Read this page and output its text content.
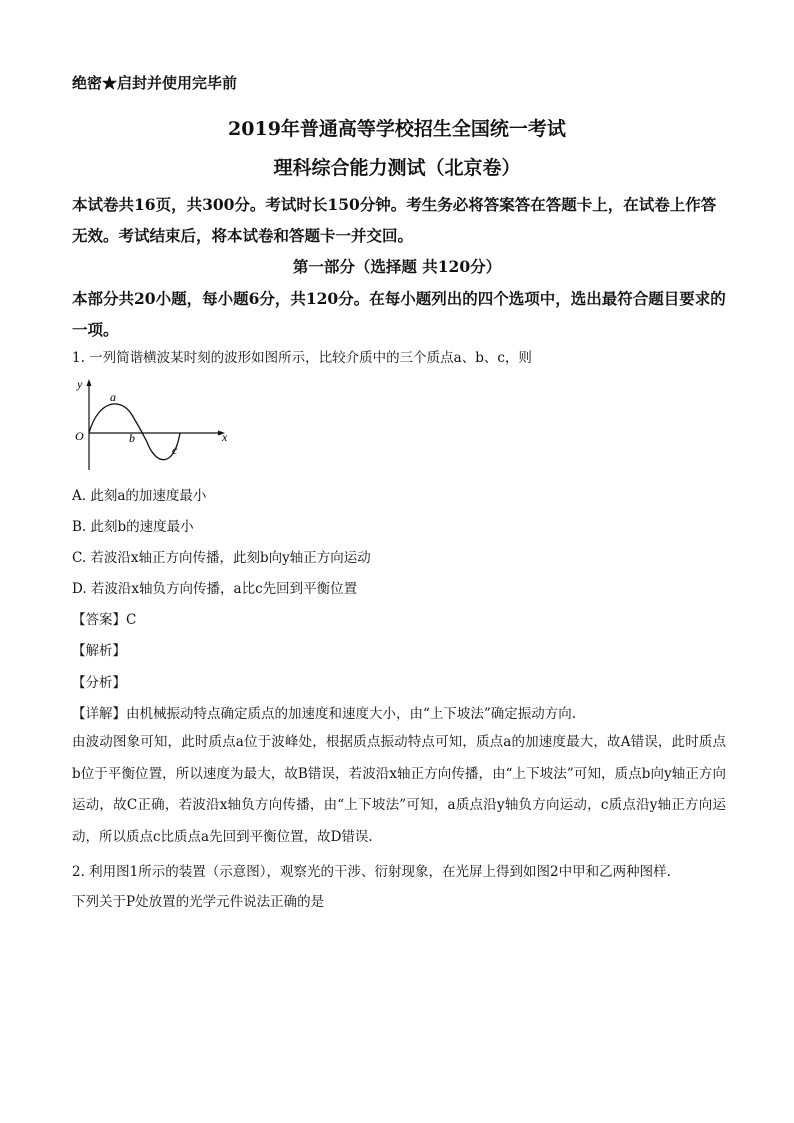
绝密★启封并使用完毕前
2019年普通高等学校招生全国统一考试
理科综合能力测试（北京卷）
本试卷共16页，共300分。考试时长150分钟。考生务必将答案答在答题卡上，在试卷上作答无效。考试结束后，将本试卷和答题卡一并交回。
第一部分（选择题 共120分）
本部分共20小题，每小题6分，共120分。在每小题列出的四个选项中，选出最符合题目要求的一项。
1. 一列简谐横波某时刻的波形如图所示，比较介质中的三个质点a、b、c，则
y
x
O
a
b
c
A. 此刻a的加速度最小
B. 此刻b的速度最小
C. 若波沿x轴正方向传播，此刻b向y轴正方向运动
D. 若波沿x轴负方向传播，a比c先回到平衡位置
【答案】C
【解析】
【分析】
【详解】由机械振动特点确定质点的加速度和速度大小，由“上下坡法”确定振动方向.
由波动图象可知，此时质点a位于波峰处，根据质点振动特点可知，质点a的加速度最大，故A错误，此时质点b位于平衡位置，所以速度为最大，故B错误，若波沿x轴正方向传播，由“上下坡法”可知，质点b向y轴正方向运动，故C正确，若波沿x轴负方向传播，由“上下坡法”可知，a质点沿y轴负方向运动，c质点沿y轴正方向运动，所以质点c比质点a先回到平衡位置，故D错误.
2. 利用图1所示的装置（示意图），观察光的干涉、衍射现象，在光屏上得到如图2中甲和乙两种图样.
下列关于P处放置的光学元件说法正确的是
